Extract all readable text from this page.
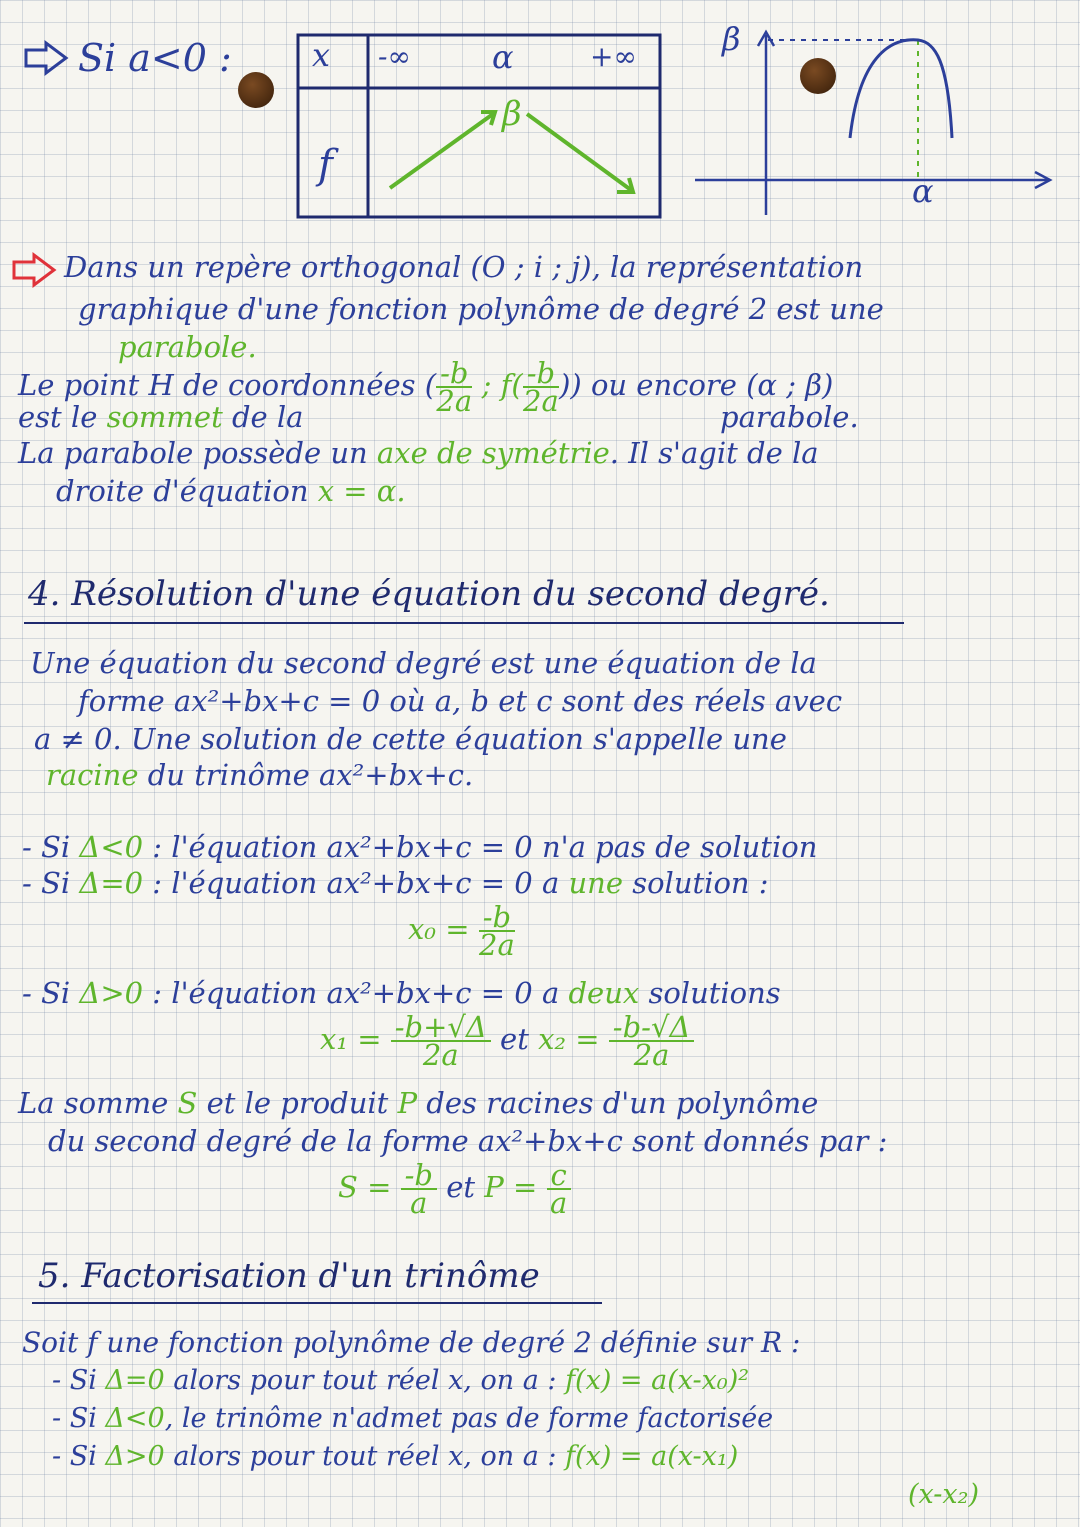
Si a<0 :	x -∞	α	+∞
f
β
β
α
Dans un repère orthogonal (O ; i ; j), la représentation
graphique d'une fonction polynôme de degré 2 est une
parabole.
Le point H de coordonnées ( $\frac{-b}{2a}$ ; $f( \frac{-b}{2a}$ )) ou encore (α ; β)
est le sommet de la	parabole.
La parabole possède un axe de symétrie. Il s'agit de la
droite d'équation x = α.
4. Résolution d'une équation du second degré.
Une équation du second degré est une équation de la
forme ax²+bx+c = 0 où a, b et c sont des réels avec
a ≠ 0. Une solution de cette équation s'appelle une
racine du trinôme ax²+bx+c.
- Si Δ<0 : l'équation ax²+bx+c = 0 n'a pas de solution
- Si Δ=0 : l'équation ax²+bx+c = 0 a une solution :
$x_0 = \frac{-b}{2a}$
- Si Δ>0 : l'équation ax²+bx+c = 0 a deux solutions
$x_1 = \frac{-b+√\Delta}{2a}$ et $x_2 = \frac{-b-√\Delta}{2a}$
La somme S et le produit P des racines d'un polynôme
du second degré de la forme ax²+bx+c sont donnés par :
$S = \frac{-b}{a}$ et $P = \frac{c}{a}$
5. Factorisation d'un trinôme
Soit f une fonction polynôme de degré 2 définie sur R :
- Si Δ=0 alors pour tout réel x, on a : f(x) = a(x-x₀)²
- Si Δ<0, le trinôme n'admet pas de forme factorisée
- Si Δ>0 alors pour tout réel x, on a : f(x) = a(x-x₁)
(x-x₂)
